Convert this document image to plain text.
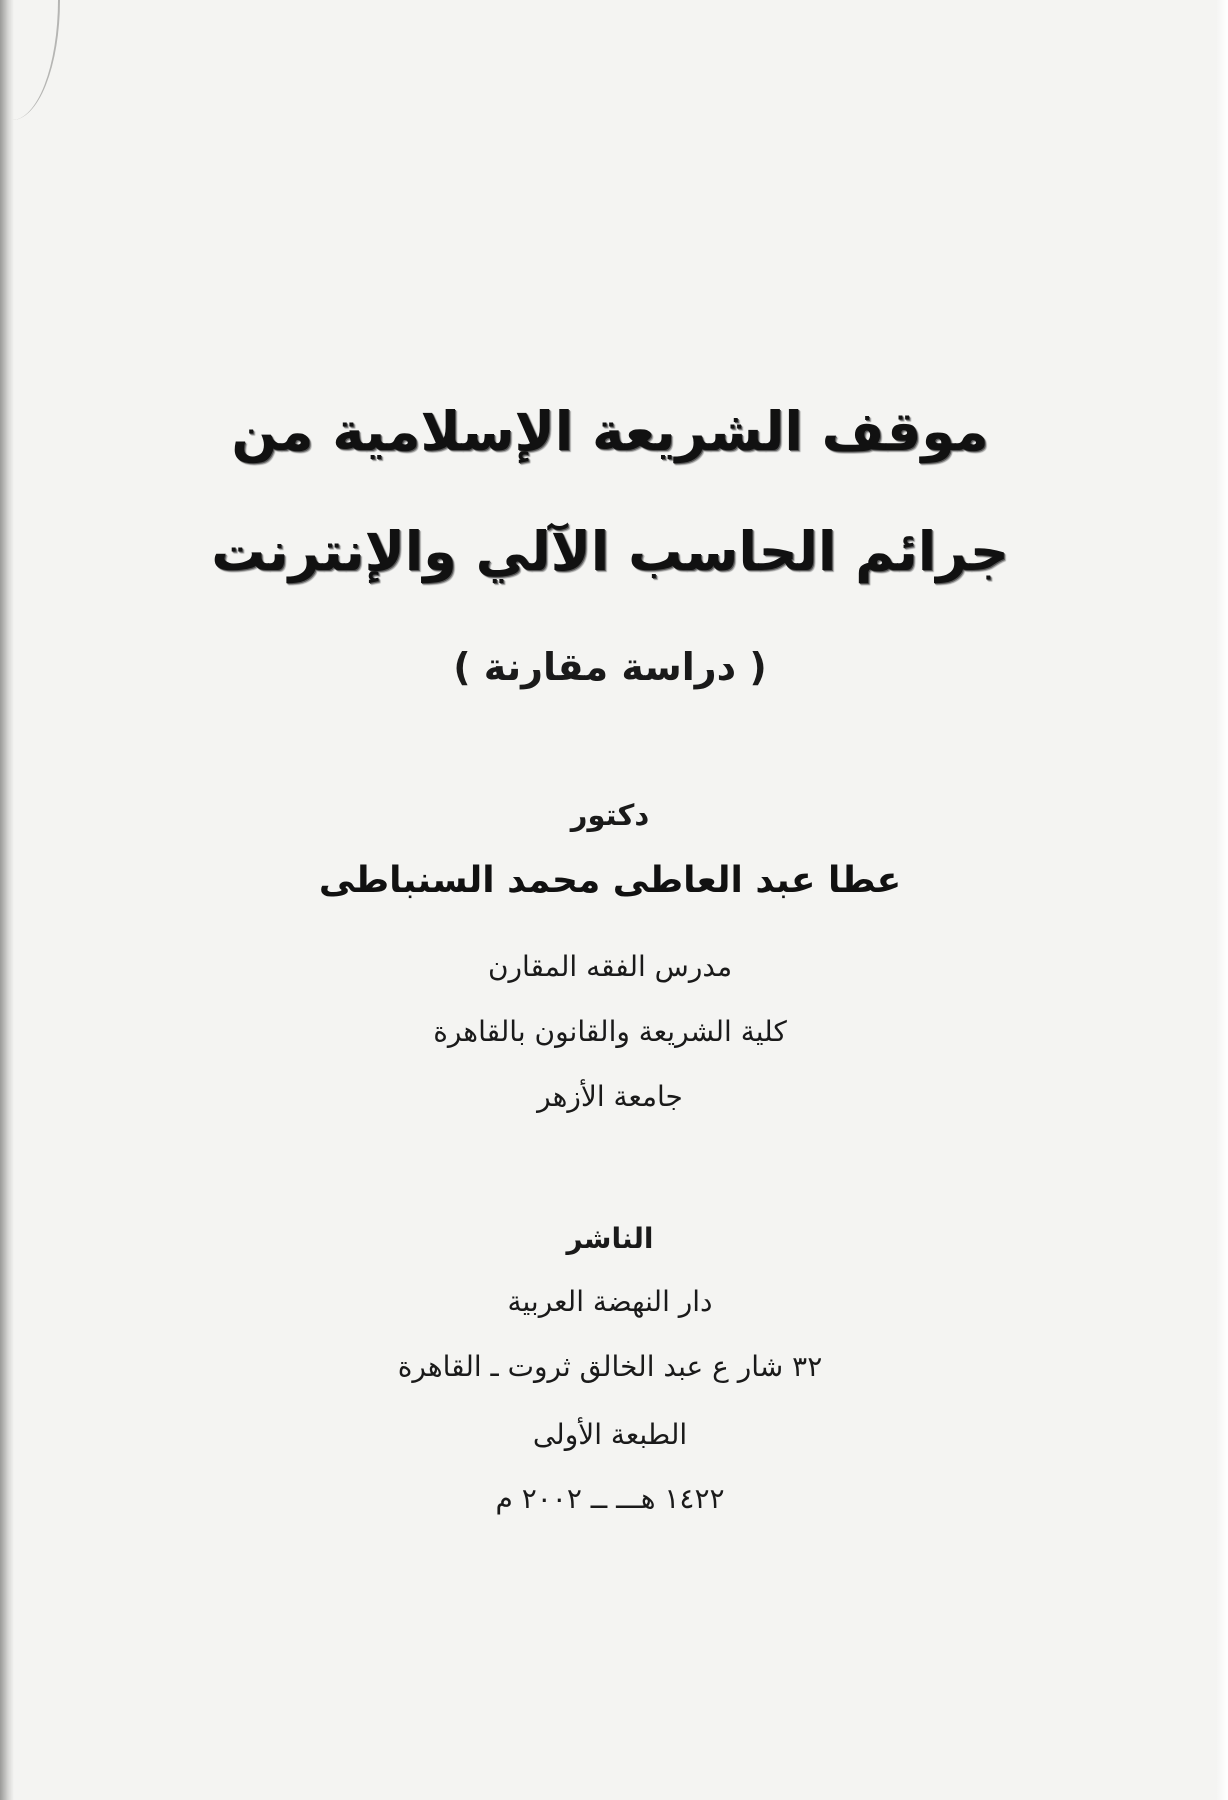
موقف الشريعة الإسلامية من
جرائم الحاسب الآلي والإنترنت
( دراسة مقارنة )
دكتور
عطا عبد العاطى محمد السنباطى
مدرس الفقه المقارن
كلية الشريعة والقانون بالقاهرة
جامعة الأزهر
الناشر
دار النهضة العربية
٣٢ شار ع عبد الخالق ثروت ـ القاهرة
الطبعة الأولى
١٤٢٢ هـــ ــ ٢٠٠٢ م
